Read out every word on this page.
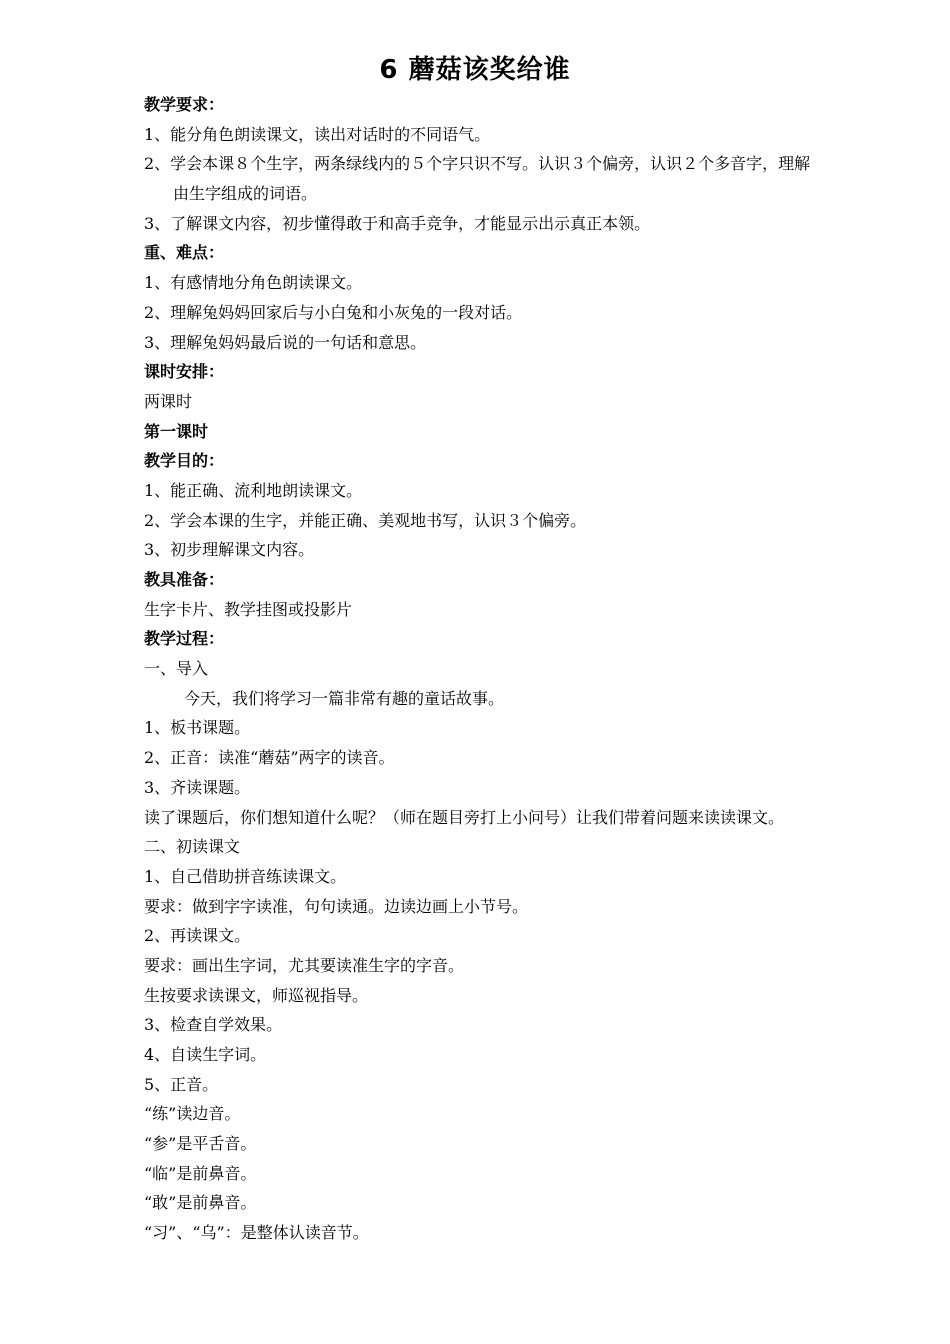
6 蘑菇该奖给谁
教学要求：
1、能分角色朗读课文，读出对话时的不同语气。
2、学会本课８个生字，两条绿线内的５个字只识不写。认识３个偏旁，认识２个多音字，理解由生字组成的词语。
3、了解课文内容，初步懂得敢于和高手竞争，才能显示出示真正本领。
重、难点：
1、有感情地分角色朗读课文。
2、理解兔妈妈回家后与小白兔和小灰兔的一段对话。
3、理解兔妈妈最后说的一句话和意思。
课时安排：
两课时
第一课时
教学目的：
1、能正确、流利地朗读课文。
2、学会本课的生字，并能正确、美观地书写，认识３个偏旁。
3、初步理解课文内容。
教具准备：
生字卡片、教学挂图或投影片
教学过程：
一、导入
今天，我们将学习一篇非常有趣的童话故事。
1、板书课题。
2、正音：读准“蘑菇”两字的读音。
3、齐读课题。
读了课题后，你们想知道什么呢？（师在题目旁打上小问号）让我们带着问题来读读课文。
二、初读课文
1、自己借助拼音练读课文。
要求：做到字字读准，句句读通。边读边画上小节号。
2、再读课文。
要求：画出生字词，尤其要读准生字的字音。
生按要求读课文，师巡视指导。
3、检查自学效果。
4、自读生字词。
5、正音。
“练”读边音。
“参”是平舌音。
“临”是前鼻音。
“敢”是前鼻音。
“习”、“乌”：是整体认读音节。
